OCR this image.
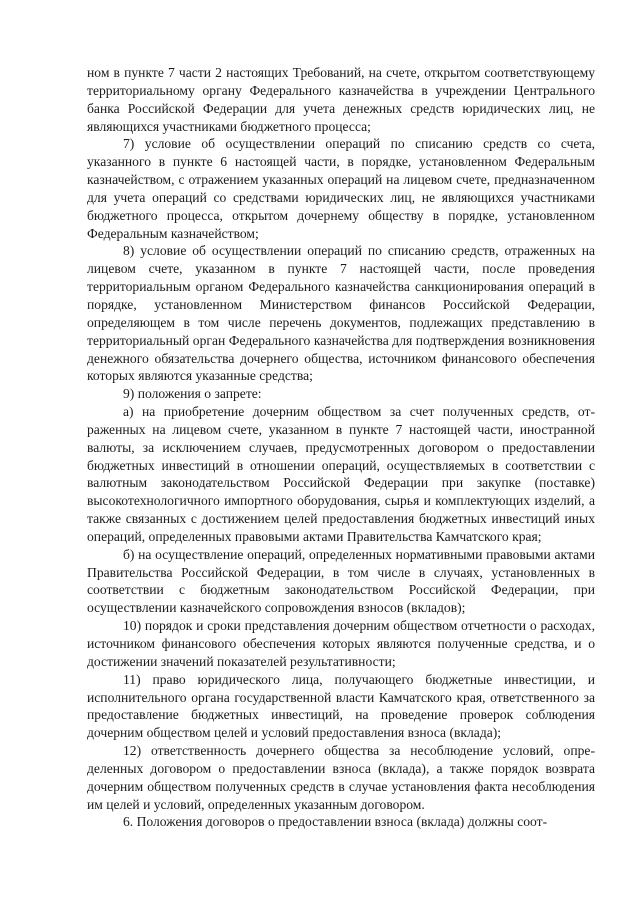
ном в пункте 7 части 2 настоящих Требований, на счете, открытом соответствующему территориальному органу Федерального казначейства в учреждении Центрального банка Российской Федерации для учета денежных средств юридических лиц, не являющихся участниками бюджетного процесса;

7) условие об осуществлении операций по списанию средств со счета, указанного в пункте 6 настоящей части, в порядке, установленном Федеральным казначейством, с отражением указанных операций на лицевом счете, предназначенном для учета операций со средствами юридических лиц, не являющихся участниками бюджетного процесса, открытом дочернему обществу в порядке, установленном Федеральным казначейством;

8) условие об осуществлении операций по списанию средств, отраженных на лицевом счете, указанном в пункте 7 настоящей части, после проведения территориальным органом Федерального казначейства санкционирования операций в порядке, установленном Министерством финансов Российской Федерации, определяющем в том числе перечень документов, подлежащих представлению в территориальный орган Федерального казначейства для подтверждения возникновения денежного обязательства дочернего общества, источником финансового обеспечения которых являются указанные средства;

9) положения о запрете:

а) на приобретение дочерним обществом за счет полученных средств, отраженных на лицевом счете, указанном в пункте 7 настоящей части, иностранной валюты, за исключением случаев, предусмотренных договором о предоставлении бюджетных инвестиций в отношении операций, осуществляемых в соответствии с валютным законодательством Российской Федерации при закупке (поставке) высокотехнологичного импортного оборудования, сырья и комплектующих изделий, а также связанных с достижением целей предоставления бюджетных инвестиций иных операций, определенных правовыми актами Правительства Камчатского края;

б) на осуществление операций, определенных нормативными правовыми актами Правительства Российской Федерации, в том числе в случаях, установленных в соответствии с бюджетным законодательством Российской Федерации, при осуществлении казначейского сопровождения взносов (вкладов);

10) порядок и сроки представления дочерним обществом отчетности о расходах, источником финансового обеспечения которых являются полученные средства, и о достижении значений показателей результативности;

11) право юридического лица, получающего бюджетные инвестиции, и исполнительного органа государственной власти Камчатского края, ответственного за предоставление бюджетных инвестиций, на проведение проверок соблюдения дочерним обществом целей и условий предоставления взноса (вклада);

12) ответственность дочернего общества за несоблюдение условий, определенных договором о предоставлении взноса (вклада), а также порядок возврата дочерним обществом полученных средств в случае установления факта несоблюдения им целей и условий, определенных указанным договором.

6. Положения договоров о предоставлении взноса (вклада) должны соот-
